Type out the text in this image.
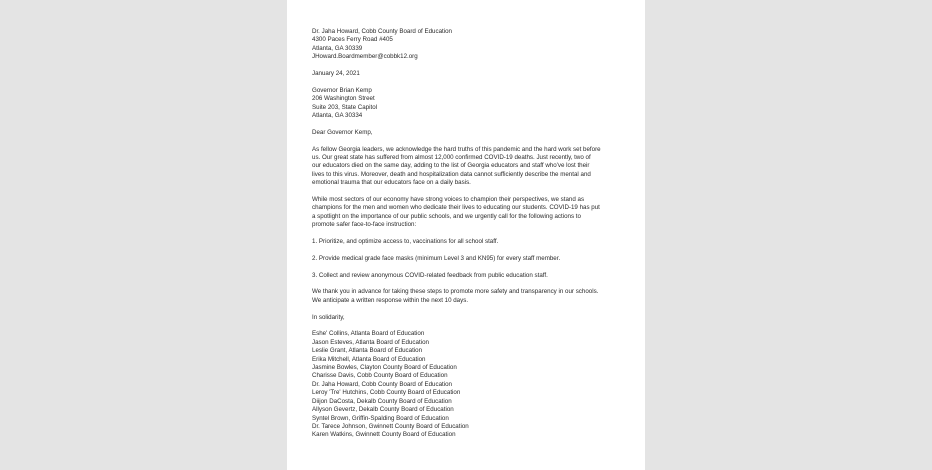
Dr. Jaha Howard, Cobb County Board of Education
4300 Paces Ferry Road #405
Atlanta, GA 30339
JHoward.Boardmember@cobbk12.org
January 24, 2021
Governor Brian Kemp
206 Washington Street
Suite 203, State Capitol
Atlanta, GA 30334
Dear Governor Kemp,
As fellow Georgia leaders, we acknowledge the hard truths of this pandemic and the hard work set before
us. Our great state has suffered from almost 12,000 confirmed COVID-19 deaths. Just recently, two of
our educators died on the same day, adding to the list of Georgia educators and staff who've lost their
lives to this virus. Moreover, death and hospitalization data cannot sufficiently describe the mental and
emotional trauma that our educators face on a daily basis.
While most sectors of our economy have strong voices to champion their perspectives, we stand as
champions for the men and women who dedicate their lives to educating our students. COVID-19 has put
a spotlight on the importance of our public schools, and we urgently call for the following actions to
promote safer face-to-face instruction:
1. Prioritize, and optimize access to, vaccinations for all school staff.
2. Provide medical grade face masks (minimum Level 3 and KN95) for every staff member.
3. Collect and review anonymous COVID-related feedback from public education staff.
We thank you in advance for taking these steps to promote more safety and transparency in our schools.
We anticipate a written response within the next 10 days.
In solidarity,
Eshe' Collins, Atlanta Board of Education
Jason Esteves, Atlanta Board of Education
Leslie Grant, Atlanta Board of Education
Erika Mitchell, Atlanta Board of Education
Jasmine Bowles, Clayton County Board of Education
Charisse Davis, Cobb County Board of Education
Dr. Jaha Howard, Cobb County Board of Education
Leroy 'Tre' Hutchins, Cobb County Board of Education
Diijon DaCosta, Dekalb County Board of Education
Allyson Gevertz, Dekalb County Board of Education
Syntel Brown, Griffin-Spalding Board of Education
Dr. Tarece Johnson, Gwinnett County Board of Education
Karen Watkins, Gwinnett County Board of Education
